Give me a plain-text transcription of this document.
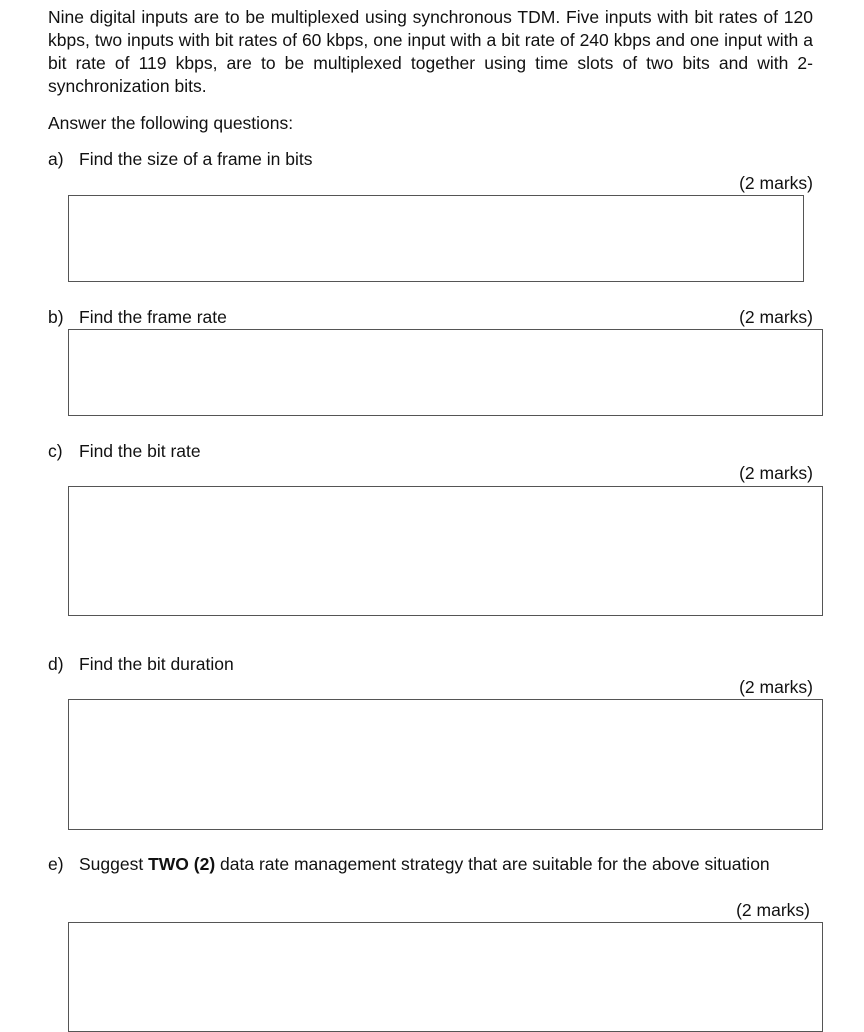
Nine digital inputs are to be multiplexed using synchronous TDM. Five inputs with bit rates of 120 kbps, two inputs with bit rates of 60 kbps, one input with a bit rate of 240 kbps and one input with a bit rate of 119 kbps, are to be multiplexed together using time slots of two bits and with 2-synchronization bits.

Answer the following questions:

a) Find the size of a frame in bits
(2 marks)
b) Find the frame rate	(2 marks)
c) Find the bit rate
(2 marks)
d) Find the bit duration
(2 marks)
e) Suggest TWO (2) data rate management strategy that are suitable for the above situation
(2 marks)
